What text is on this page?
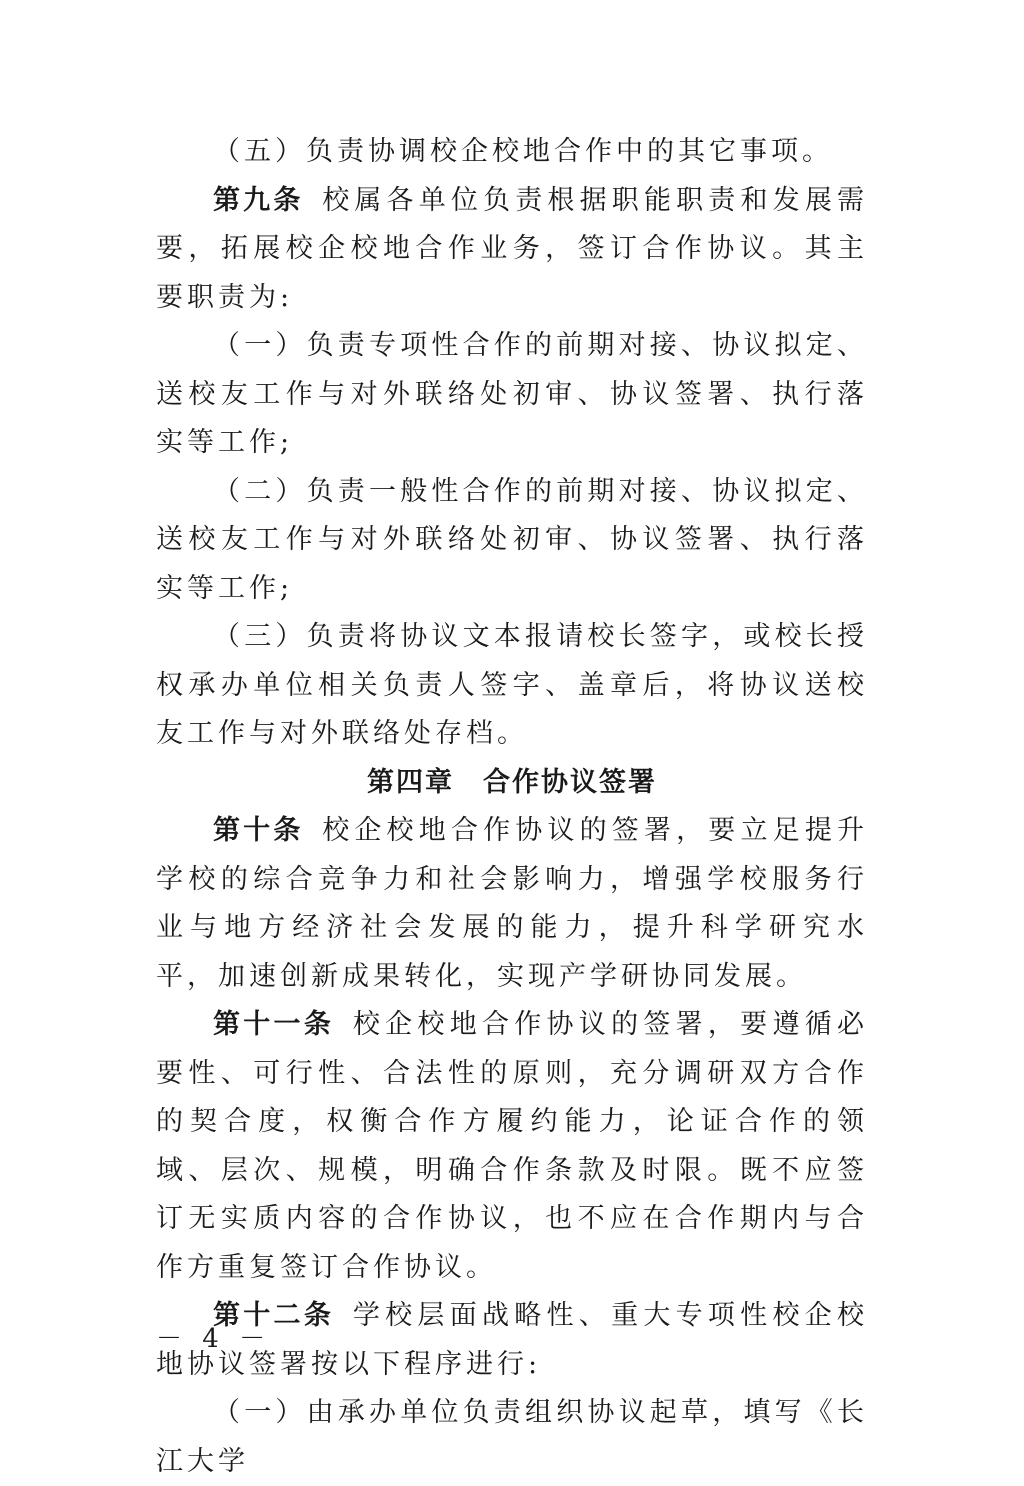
（五）负责协调校企校地合作中的其它事项。

第九条  校属各单位负责根据职能职责和发展需要，拓展校企校地合作业务，签订合作协议。其主要职责为:

（一）负责专项性合作的前期对接、协议拟定、送校友工作与对外联络处初审、协议签署、执行落实等工作;

（二）负责一般性合作的前期对接、协议拟定、送校友工作与对外联络处初审、协议签署、执行落实等工作;

（三）负责将协议文本报请校长签字，或校长授权承办单位相关负责人签字、盖章后，将协议送校友工作与对外联络处存档。

第四章　合作协议签署

第十条  校企校地合作协议的签署，要立足提升学校的综合竞争力和社会影响力，增强学校服务行业与地方经济社会发展的能力，提升科学研究水平，加速创新成果转化，实现产学研协同发展。

第十一条  校企校地合作协议的签署，要遵循必要性、可行性、合法性的原则，充分调研双方合作的契合度，权衡合作方履约能力，论证合作的领域、层次、规模，明确合作条款及时限。既不应签订无实质内容的合作协议，也不应在合作期内与合作方重复签订合作协议。

第十二条  学校层面战略性、重大专项性校企校地协议签署按以下程序进行:

（一）由承办单位负责组织协议起草，填写《长江大学

－ 4 －
